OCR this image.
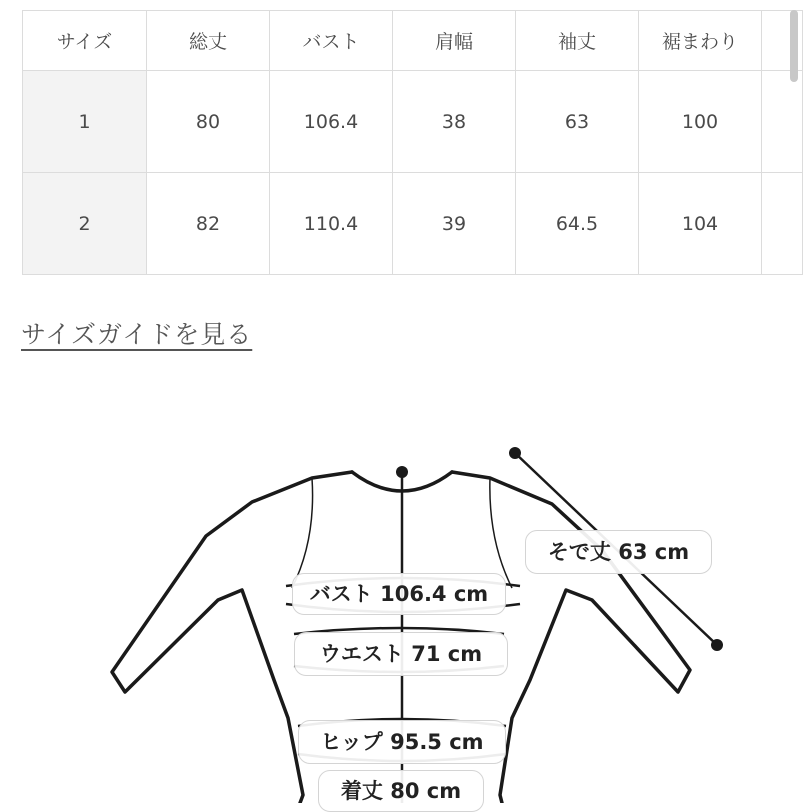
サイズ	総丈	バスト	肩幅	袖丈	裾まわり	
1	80	106.4	38	63	100	
2	82	110.4	39	64.5	104	
サイズガイドを見る
そで丈 63 cm
バスト 106.4 cm
ウエスト 71 cm
ヒップ 95.5 cm
着丈 80 cm
